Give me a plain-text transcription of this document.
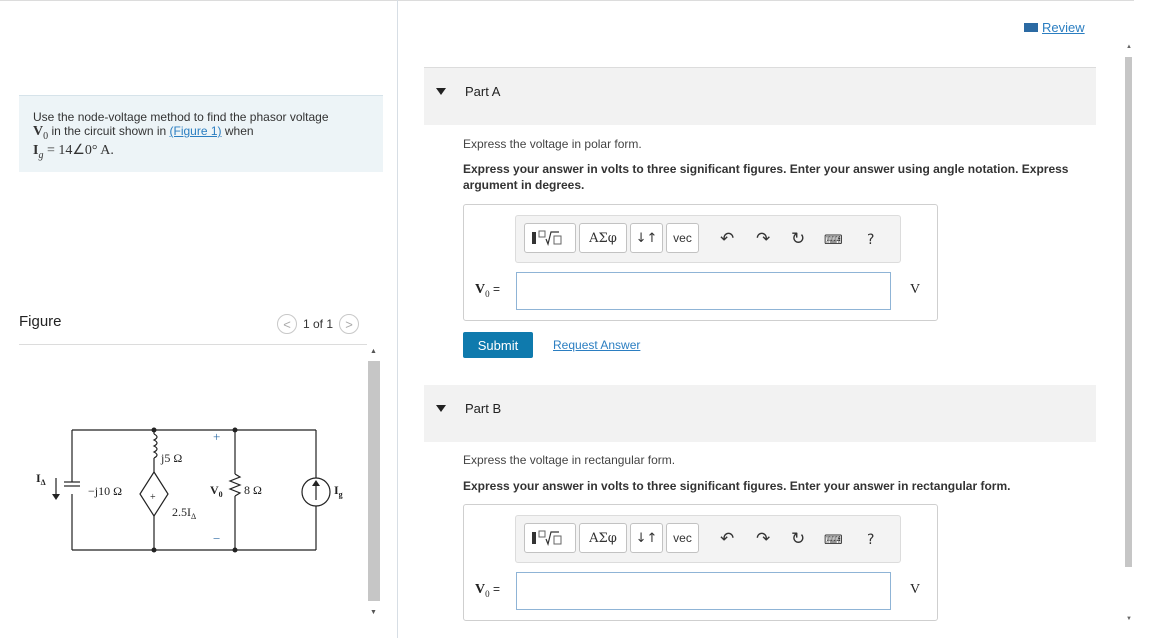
Use the node-voltage method to find the phasor voltage
$V_0$ in the circuit shown in (Figure 1) when
$I_g$ = 14∠0° A.
Figure	<	1 of 1 >
$I_\Delta$
−j10 Ω
j5 Ω
+
−
+
$2.5I_\Delta$
$V_0$ 8 Ω	$I_g$
▲
▼
Review
Part A
Express the voltage in polar form.
Express your answer in volts to three significant figures. Enter your answer using angle notation. Express argument in degrees.
ΑΣφ	↓↑	vec	↶ ↷ ↻ ⌨ ?
$V_0$ =	V
Submit	Request Answer
Part B
Express the voltage in rectangular form.
Express your answer in volts to three significant figures. Enter your answer in rectangular form.
ΑΣφ	↓↑	vec	↶ ↷ ↻ ⌨ ?
$V_0$ =	V
▲
▼
